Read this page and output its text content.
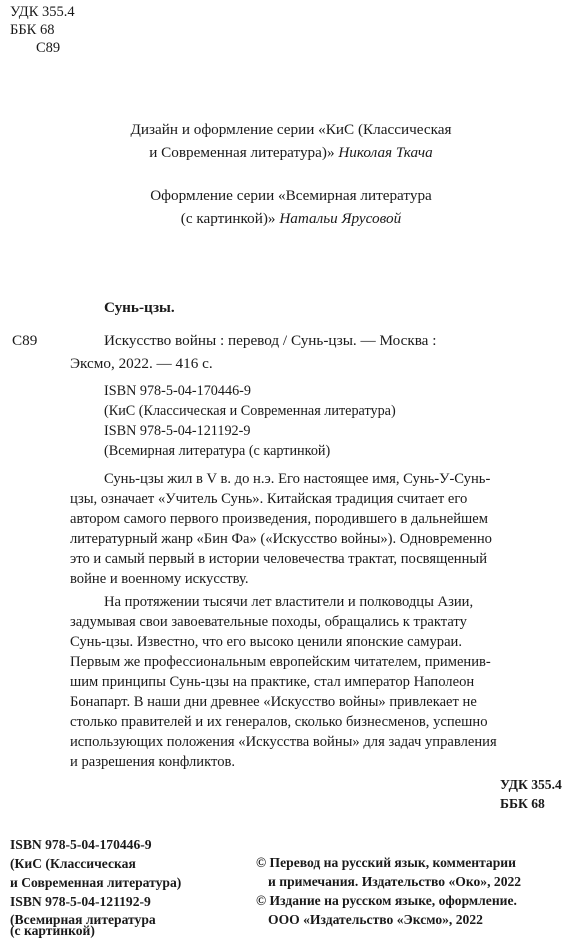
УДК 355.4
ББК 68
С89
Дизайн и оформление серии «КиС (Классическая
и Современная литература)» Николая Ткача
Оформление серии «Всемирная литература
(с картинкой)» Натальи Ярусовой
Сунь-цзы.
С89	Искусство войны : перевод / Сунь-цзы. — Москва :
Эксмо, 2022. — 416 с.
ISBN 978-5-04-170446-9
(КиС (Классическая и Современная литература)
ISBN 978-5-04-121192-9
(Всемирная литература (с картинкой)
Сунь-цзы жил в V в. до н.э. Его настоящее имя, Сунь-У-Сунь-
цзы, означает «Учитель Сунь». Китайская традиция считает его
автором самого первого произведения, породившего в дальнейшем
литературный жанр «Бин Фа» («Искусство войны»). Одновременно
это и самый первый в истории человечества трактат, посвященный
войне и военному искусству.
На протяжении тысячи лет властители и полководцы Азии,
задумывая свои завоевательные походы, обращались к трактату
Сунь-цзы. Известно, что его высоко ценили японские самураи.
Первым же профессиональным европейским читателем, применив-
шим принципы Сунь-цзы на практике, стал император Наполеон
Бонапарт. В наши дни древнее «Искусство войны» привлекает не
столько правителей и их генералов, сколько бизнесменов, успешно
использующих положения «Искусства войны» для задач управления
и разрешения конфликтов.
УДК 355.4
ББК 68
ISBN 978-5-04-170446-9
(КиС (Классическая
и Современная литература)
ISBN 978-5-04-121192-9
(Всемирная литература
(с картинкой)
© Перевод на русский язык, комментарии
и примечания. Издательство «Око», 2022
© Издание на русском языке, оформление.
ООО «Издательство «Эксмо», 2022
